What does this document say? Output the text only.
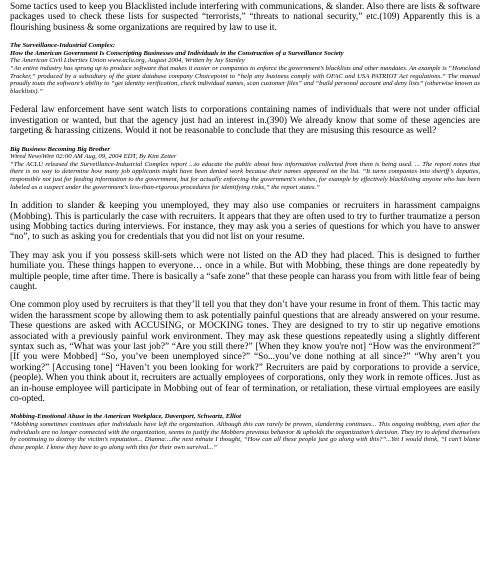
Some tactics used to keep you Blacklisted include interfering with communications, & slander. Also there are lists & software packages used to check these lists for suspected “terrorists,” “threats to national security,” etc.(109) Apparently this is a flourishing business & some organizations are required by law to use it.

The Surveillance-Industrial Complex:

How the American Government Is Conscripting Businesses and Individuals in the Construction of a Surveillance Society

The American Civil Liberties Union www.aclu.org, August 2004, Written by Jay Stanley

“An entire industry has sprung up to produce software that makes it easier or companies to enforce the government’s blacklists and other mandates. An example is “Homeland Tracker,” produced by a subsidiary of the giant database company Choicepoint to “help any business comply with OFAC and USA PATRIOT Act regulations.” The manual proudly touts the software’s ability to “get identity verification, check individual names, scan customer files” and “build personal account and deny lists” (otherwise known as blacklists).”

Federal law enforcement have sent watch lists to corporations containing names of individuals that were not under official investigation or wanted, but that the agency just had an interest in.(390) We already know that some of these agencies are targeting & harassing citizens. Would it not be reasonable to conclude that they are misusing this resource as well?

Big Business Becoming Big Brother

Wired NewsWire 02:00 AM Aug, 09, 2004 EDT, By Kim Zetter

“The ACLU released the Surveillance-Industrial Complex report ...to educate the public about how information collected from them is being used. ... The report notes that there is no way to determine how many job applicants might have been denied work because their names appeared on the list. “It turns companies into sheriff’s deputies, responsible not just for feeding information to the government, but for actually enforcing the government’s wishes, for example by effectively blacklisting anyone who has been labeled as a suspect under the government’s less-than-rigorous procedures for identifying risks,” the report states.”

In addition to slander & keeping you unemployed, they may also use companies or recruiters in harassment campaigns (Mobbing). This is particularly the case with recruiters. It appears that they are often used to try to further traumatize a person using Mobbing tactics during interviews. For instance, they may ask you a series of questions for which you have to answer “no”, to such as asking you for credentials that you did not list on your resume.

They may ask you if you possess skill-sets which were not listed on the AD they had placed. This is designed to further humiliate you. These things happen to everyone… once in a while. But with Mobbing, these things are done repeatedly by multiple people, time after time. There is basically a “safe zone” that these people can harass you from with little fear of being caught.

One common ploy used by recruiters is that they’ll tell you that they don’t have your resume in front of them. This tactic may widen the harassment scope by allowing them to ask potentially painful questions that are already answered on your resume. These questions are asked with ACCUSING, or MOCKING tones. They are designed to try to stir up negative emotions associated with a previously painful work environment. They may ask these questions repeatedly using a slightly different syntax such as, “What was your last job?” “Are you still there?” [When they know you're not] “How was the environment?” [If you were Mobbed] “So, you’ve been unemployed since?” “So...you’ve done nothing at all since?” “Why aren’t you working?” [Accusing tone] “Haven’t you been looking for work?” Recruiters are paid by corporations to provide a service, (people). When you think about it, recruiters are actually employees of corporations, only they work in remote offices. Just as an in-house employee will participate in Mobbing out of fear of termination, or retaliation, these virtual employees are easily co-opted.

Mobbing-Emotional Abuse in the American Workplace, Davenport, Schwartz, Elliot

“Mobbing sometimes continues after individuals have left the organization. Although this can rarely be proven, slandering continues... This ongoing mobbing, even after the individuals are no longer connected with the organization, seems to justify the Mobbers previous behavior & upholds the organization’s decision. They try to defend themselves by continuing to destroy the victim’s reputation... Dianna:...the next minute I thought, “How can all these people just go along with this?”...Yet I would think, “I can’t blame these people. I know they have to go along with this for their own survival...”
